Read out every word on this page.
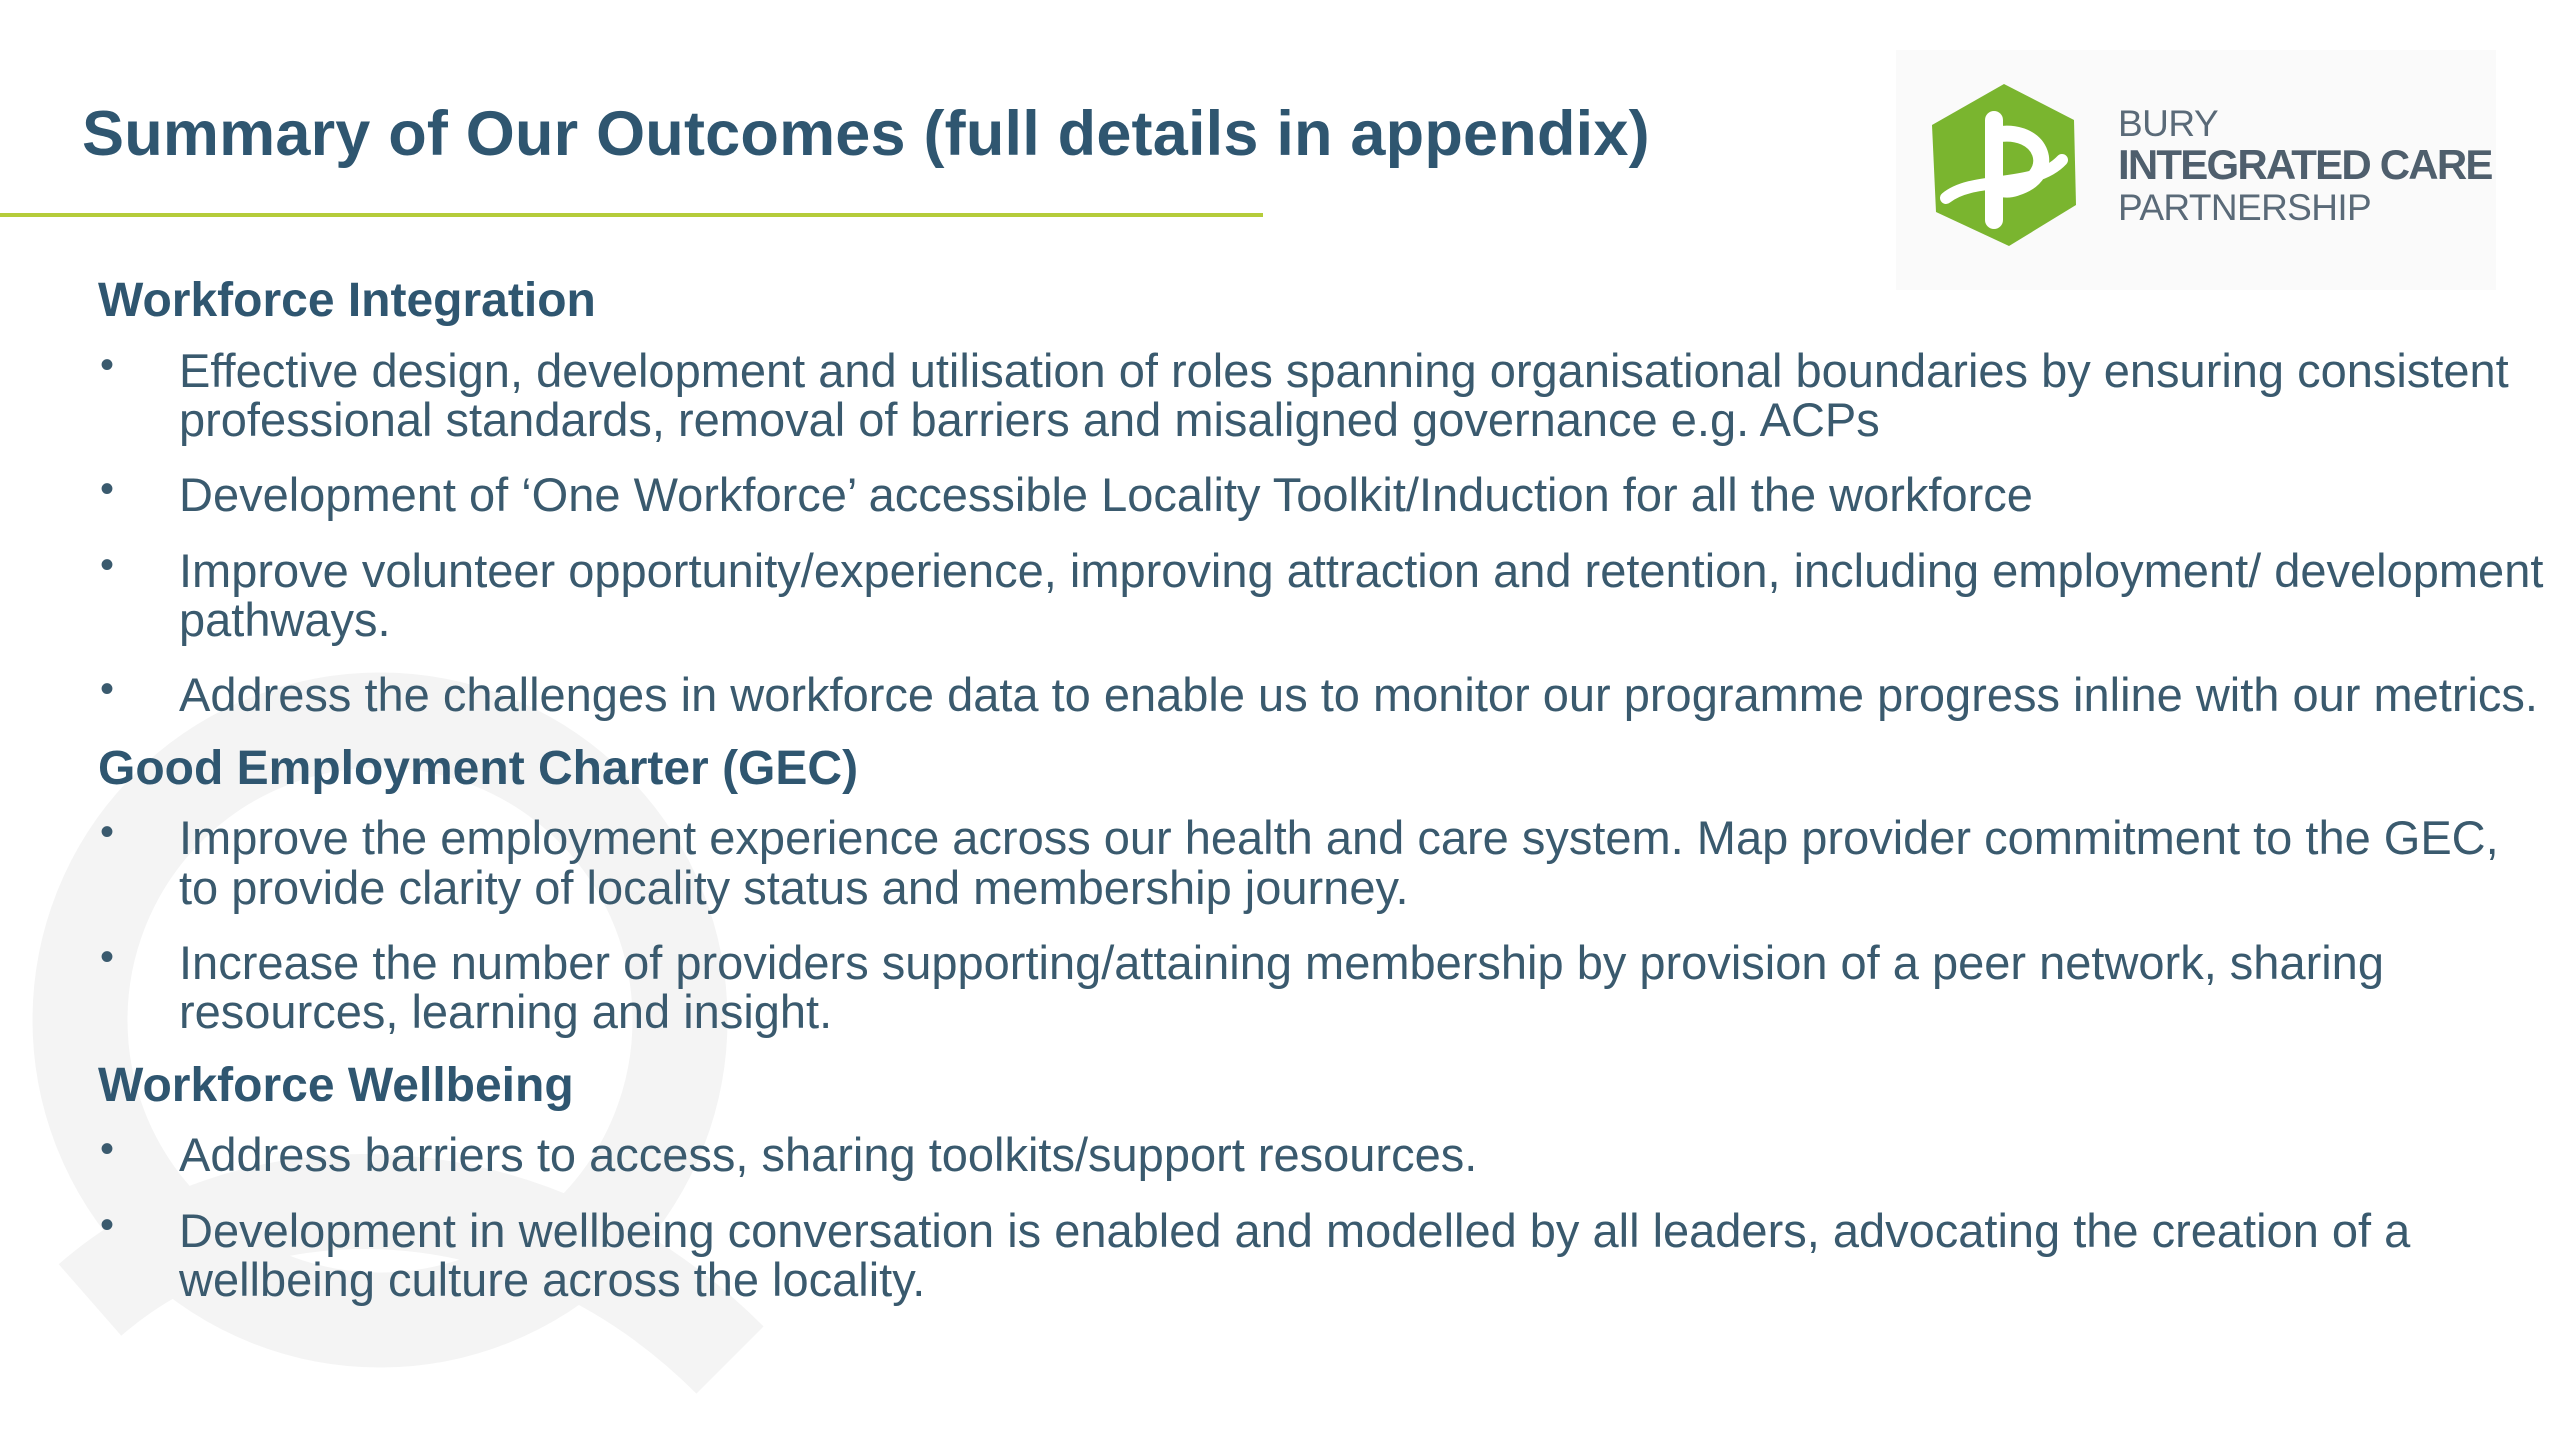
Summary of Our Outcomes (full details in appendix)	BURY
INTEGRATED CARE
PARTNERSHIP
Workforce Integration
• Effective design, development and utilisation of roles spanning organisational boundaries by ensuring consistent professional standards, removal of barriers and misaligned governance e.g. ACPs
• Development of ‘One Workforce’ accessible Locality Toolkit/Induction for all the workforce
• Improve volunteer opportunity/experience, improving attraction and retention, including employment/ development pathways.
• Address the challenges in workforce data to enable us to monitor our programme progress inline with our metrics.
Good Employment Charter (GEC)
• Improve the employment experience across our health and care system. Map provider commitment to the GEC, to provide clarity of locality status and membership journey.
• Increase the number of providers supporting/attaining membership by provision of a peer network, sharing resources, learning and insight.
Workforce Wellbeing
• Address barriers to access, sharing toolkits/support resources.
• Development in wellbeing conversation is enabled and modelled by all leaders, advocating the creation of a wellbeing culture across the locality.
